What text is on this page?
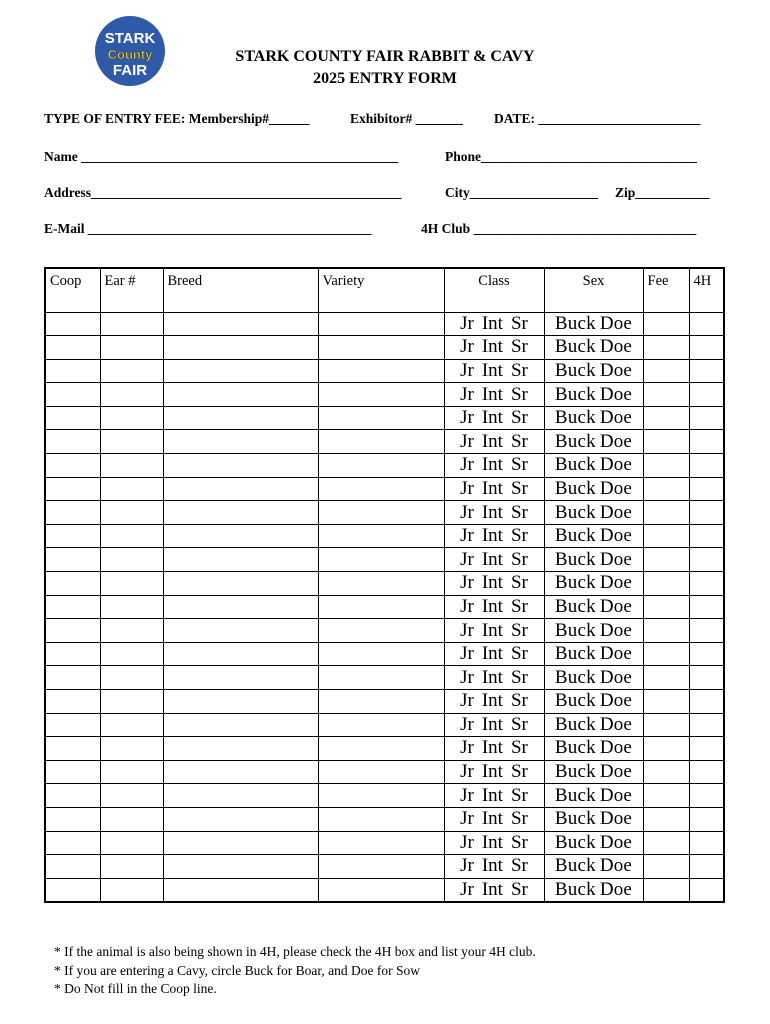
STARK
County
FAIR
STARK COUNTY FAIR RABBIT & CAVY
2025 ENTRY FORM
TYPE OF ENTRY FEE: Membership#______	Exhibitor# _______ DATE: ________________________
Name _______________________________________________	Phone________________________________
Address______________________________________________	City___________________ Zip___________
E-Mail __________________________________________	4H Club _________________________________
Coop	Ear #	Breed	Variety	Class	Sex	Fee	4H
				Jr Int Sr	Buck Doe		
				Jr Int Sr	Buck Doe		
				Jr Int Sr	Buck Doe		
				Jr Int Sr	Buck Doe		
				Jr Int Sr	Buck Doe		
				Jr Int Sr	Buck Doe		
				Jr Int Sr	Buck Doe		
				Jr Int Sr	Buck Doe		
				Jr Int Sr	Buck Doe		
				Jr Int Sr	Buck Doe		
				Jr Int Sr	Buck Doe		
				Jr Int Sr	Buck Doe		
				Jr Int Sr	Buck Doe		
				Jr Int Sr	Buck Doe		
				Jr Int Sr	Buck Doe		
				Jr Int Sr	Buck Doe		
				Jr Int Sr	Buck Doe		
				Jr Int Sr	Buck Doe		
				Jr Int Sr	Buck Doe		
				Jr Int Sr	Buck Doe		
				Jr Int Sr	Buck Doe		
				Jr Int Sr	Buck Doe		
				Jr Int Sr	Buck Doe		
				Jr Int Sr	Buck Doe		
				Jr Int Sr	Buck Doe		
* If the animal is also being shown in 4H, please check the 4H box and list your 4H club.
* If you are entering a Cavy, circle Buck for Boar, and Doe for Sow
* Do Not fill in the Coop line.
